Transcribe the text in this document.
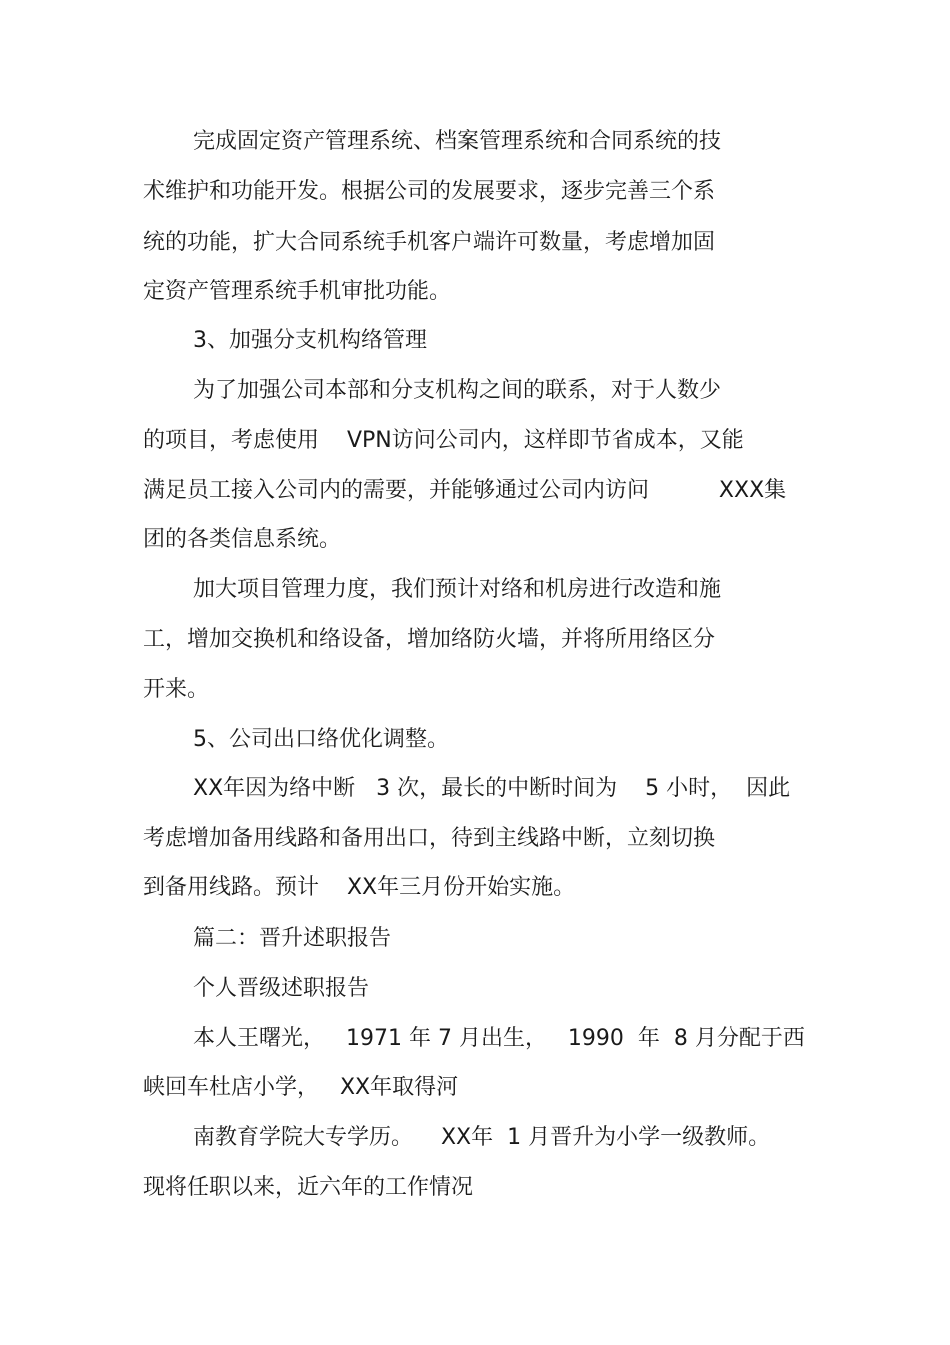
完成固定资产管理系统、档案管理系统和合同系统的技
术维护和功能开发。根据公司的发展要求，逐步完善三个系
统的功能，扩大合同系统手机客户端许可数量，考虑增加固
定资产管理系统手机审批功能。
3、加强分支机构络管理
为了加强公司本部和分支机构之间的联系，对于人数少
的项目，考虑使用    VPN访问公司内，这样即节省成本，又能
满足员工接入公司内的需要，并能够通过公司内访问          XXX集
团的各类信息系统。
加大项目管理力度，我们预计对络和机房进行改造和施
工，增加交换机和络设备，增加络防火墙，并将所用络区分
开来。
5、公司出口络优化调整。
XX年因为络中断   3 次，最长的中断时间为    5 小时，  因此
考虑增加备用线路和备用出口，待到主线路中断，立刻切换
到备用线路。预计    XX年三月份开始实施。
篇二：晋升述职报告
个人晋级述职报告
本人王曙光，   1971 年 7 月出生，   1990  年  8 月分配于西
峡回车杜店小学，   XX年取得河
南教育学院大专学历。    XX年  1 月晋升为小学一级教师。
现将任职以来，近六年的工作情况
